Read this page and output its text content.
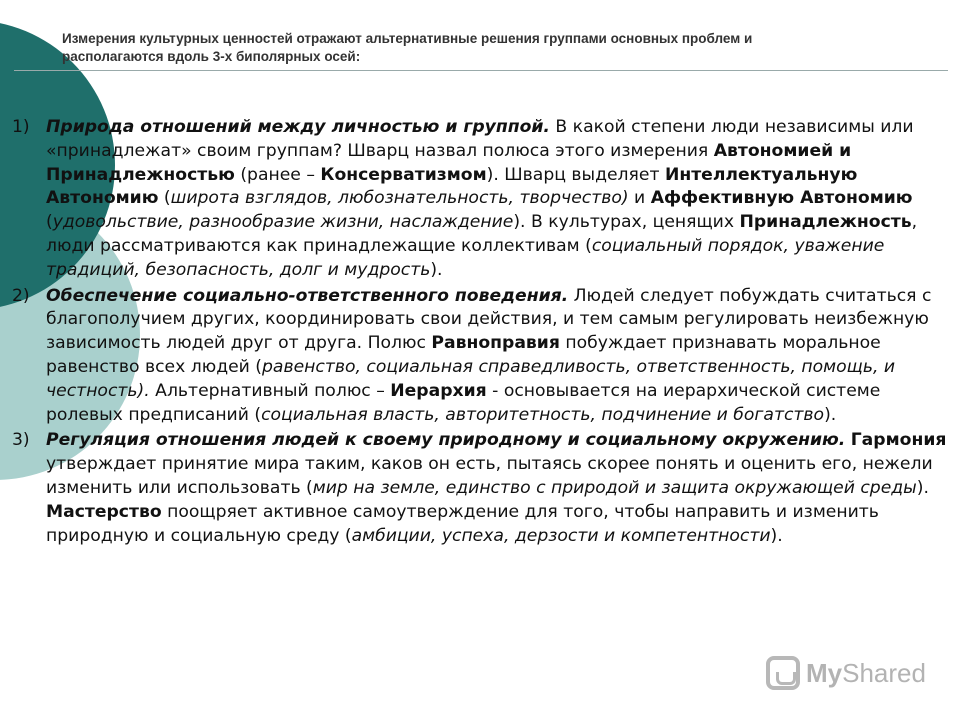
Измерения культурных ценностей отражают альтернативные решения группами основных проблем и
располагаются вдоль 3-х биполярных осей:
1) Природа отношений между личностью и группой. В какой степени люди независимы или «принадлежат» своим группам? Шварц назвал полюса этого измерения Автономией и Принадлежностью (ранее – Консерватизмом). Шварц выделяет Интеллектуальную Автономию (широта взглядов, любознательность, творчество) и Аффективную Автономию (удовольствие, разнообразие жизни, наслаждение). В культурах, ценящих Принадлежность, люди рассматриваются как принадлежащие коллективам (социальный порядок, уважение традиций, безопасность, долг и мудрость).
2) Обеспечение социально-ответственного поведения. Людей следует побуждать считаться с благополучием других, координировать свои действия, и тем самым регулировать неизбежную зависимость людей друг от друга. Полюс Равноправия побуждает признавать моральное равенство всех людей (равенство, социальная справедливость, ответственность, помощь, и честность). Альтернативный полюс – Иерархия - основывается на иерархической системе ролевых предписаний (социальная власть, авторитетность, подчинение и богатство).
3) Регуляция отношения людей к своему природному и социальному окружению. Гармония утверждает принятие мира таким, каков он есть, пытаясь скорее понять и оценить его, нежели изменить или использовать (мир на земле, единство с природой и защита окружающей среды). Мастерство поощряет активное самоутверждение для того, чтобы направить и изменить природную и социальную среду (амбиции, успеха, дерзости и компетентности).
MyShared
